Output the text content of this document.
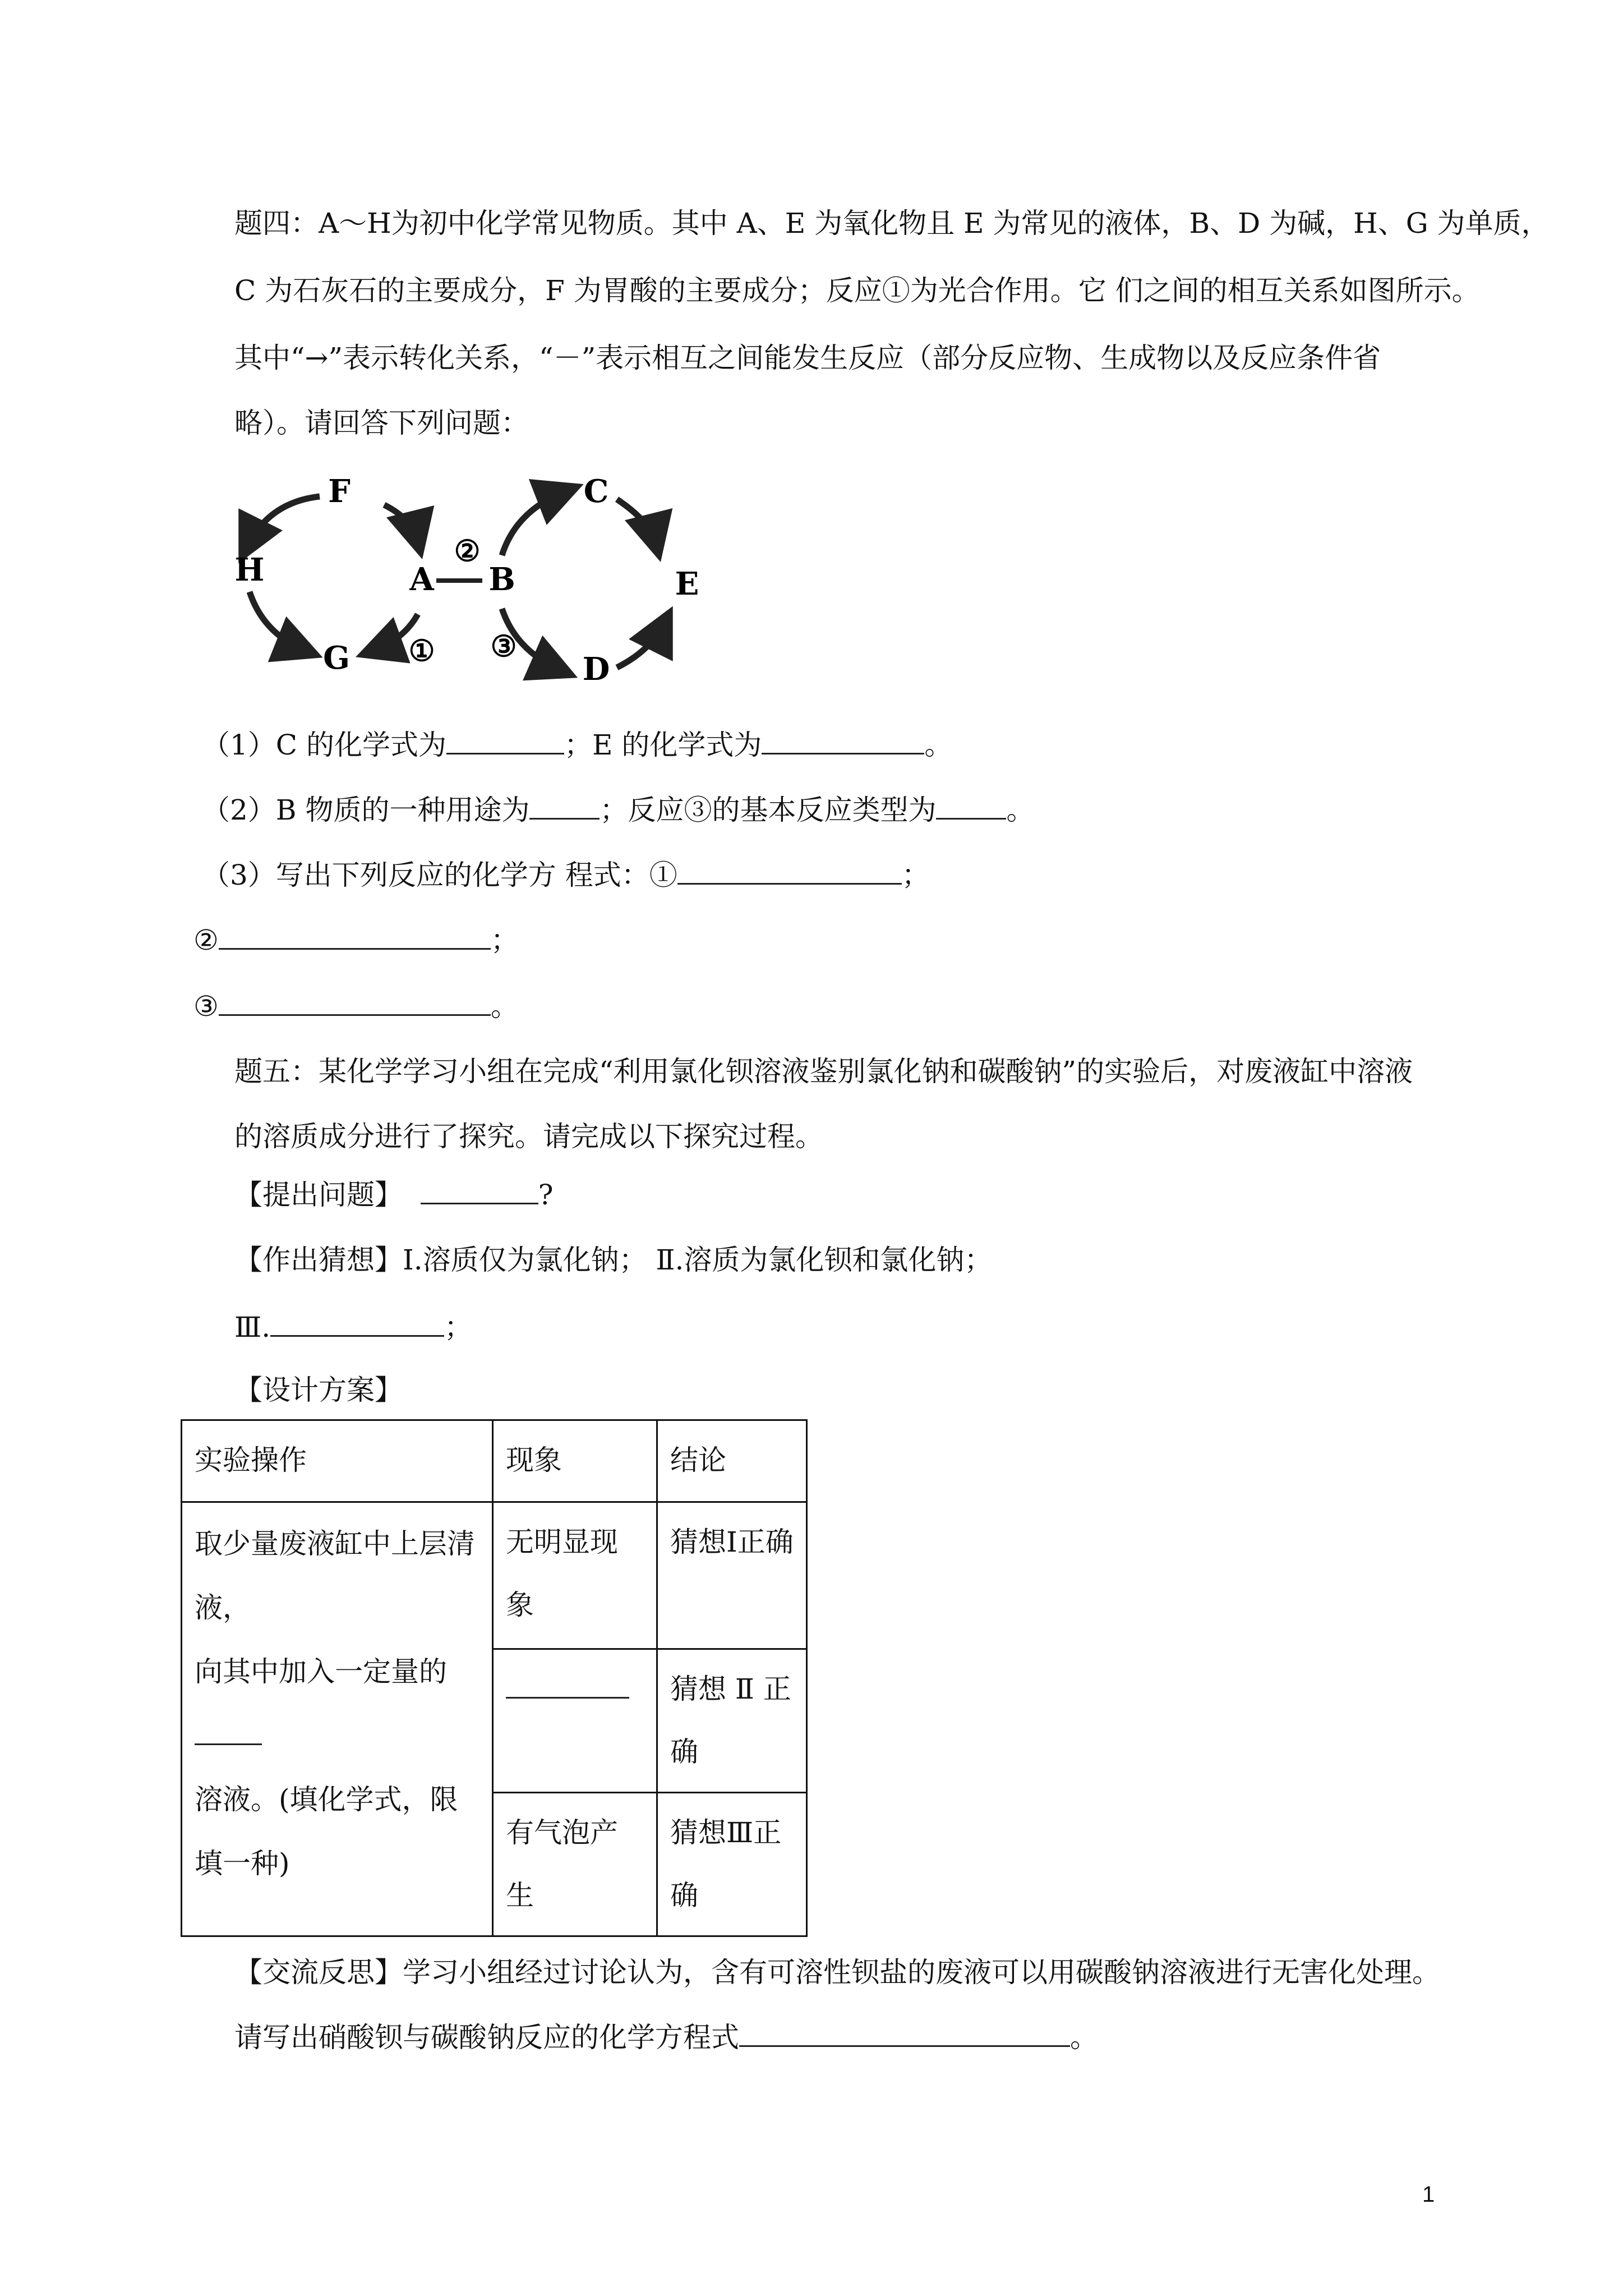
题四：A～H为初中化学常见物质。其中 A、E 为氧化物且 E 为常见的液体，B、D 为碱，H、G 为单质，
C 为石灰石的主要成分，F 为胃酸的主要成分；反应①为光合作用。它 们之间的相互关系如图所示。
其中“→”表示转化关系，“－”表示相互之间能发生反应（部分反应物、生成物以及反应条件省
略）。请回答下列问题：
F
H	A
G
B
C
E
D
②
① ③
（1）C 的化学式为	；E 的化学式为	。
（2）B 物质的一种用途为	；反应③的基本反应类型为	。
（3）写出下列反应的化学方 程式：①	；
②	；
③	。
题五：某化学学习小组在完成“利用氯化钡溶液鉴别氯化钠和碳酸钠”的实验后，对废液缸中溶液
的溶质成分进行了探究。请完成以下探究过程。
【提出问题】	?
【作出猜想】Ⅰ.溶质仅为氯化钠； Ⅱ.溶质为氯化钡和氯化钠；
Ⅲ.	；
【设计方案】
实验操作	现象	结论

取少量废液缸中上层清液，
向其中加入一定量的
溶液。(填化学式，限填一种)	无明显现象	猜想Ⅰ正确
		猜想 Ⅱ 正确
	有气泡产生	猜想Ⅲ正确
【交流反思】学习小组经过讨论认为，含有可溶性钡盐的废液可以用碳酸钠溶液进行无害化处理。
请写出硝酸钡与碳酸钠反应的化学方程式	。
1
